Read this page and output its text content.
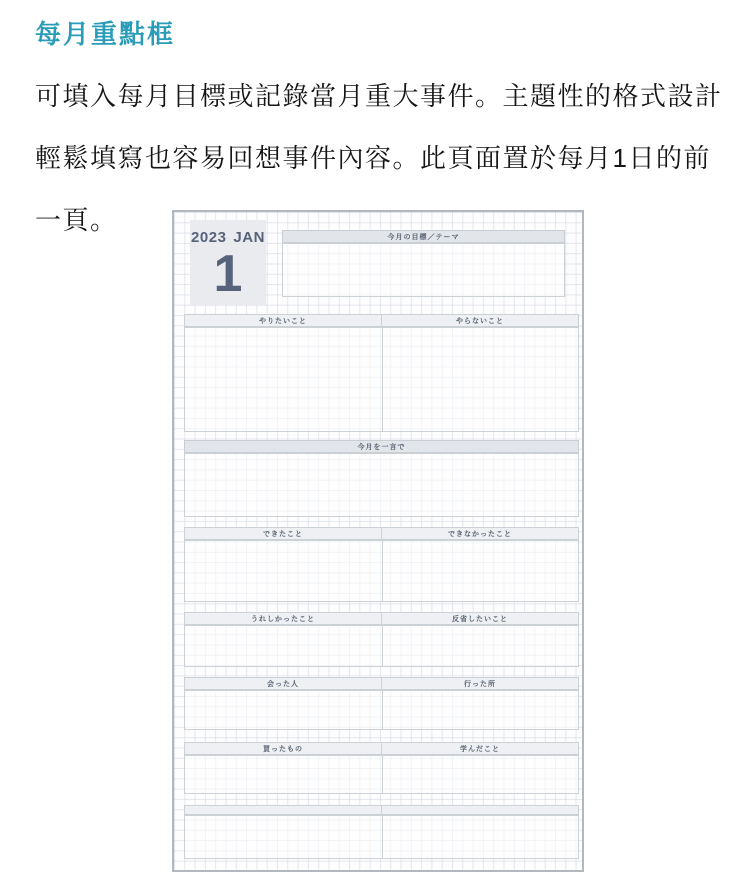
每月重點框
可填入每月目標或記錄當月重大事件。主題性的格式設計
輕鬆填寫也容易回想事件內容。此頁面置於每月1日的前
一頁。
2023 JAN
1
今月の目標／テーマ
やりたいこと	やらないこと
今月を一言で
できたこと	できなかったこと
うれしかったこと	反省したいこと
会った人	行った所
買ったもの	学んだこと
